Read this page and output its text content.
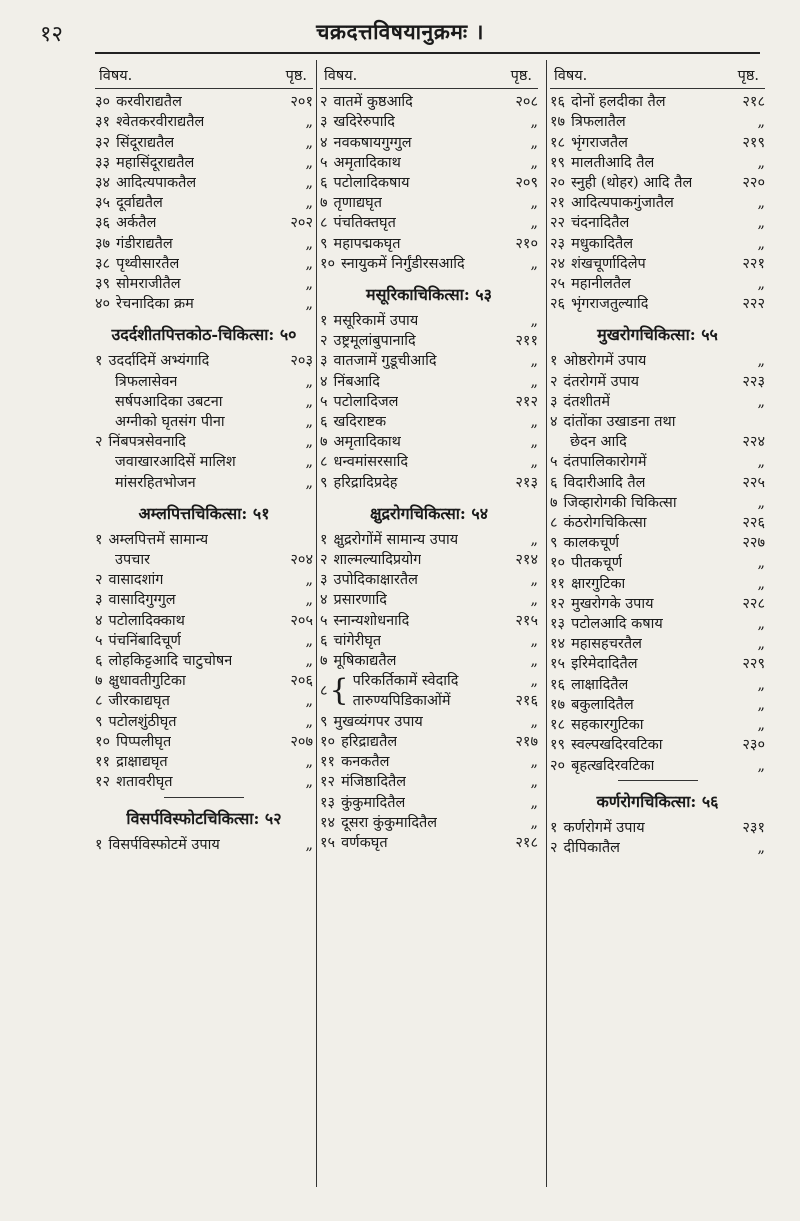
१२	चक्रदत्तविषयानुक्रमः ।
विषय.	पृष्ठ.
३० करवीराद्यतैल	२०१
३१ श्वेतकरवीराद्यतैल	„
३२ सिंदूराद्यतैल	„
३३ महासिंदूराद्यतैल	„
३४ आदित्यपाकतैल	„
३५ दूर्वाद्यतैल	„
३६ अर्कतैल	२०२
३७ गंडीराद्यतैल	„
३८ पृथ्वीसारतैल	„
३९ सोमराजीतैल	„
४० रेचनादिका क्रम	„
उदर्दशीतपित्तकोठ-चिकित्सा: ५०
१ उदर्दादिमें अभ्यंगादि	२०३
त्रिफलासेवन	„
सर्षपआदिका उबटना	„
अग्नीको घृतसंग पीना	„
२ निंबपत्रसेवनादि	„
जवाखारआदिसें मालिश	„
मांसरहितभोजन	„
अम्लपित्तचिकित्सा: ५१
१ अम्लपित्तमें सामान्य
उपचार	२०४
२ वासादशांग	„
३ वासादिगुग्गुल	„
४ पटोलादिक्काथ	२०५
५ पंचनिंबादिचूर्ण	„
६ लोहकिट्टआदि चाटुचोषन	„
७ क्षुधावतीगुटिका	२०६
८ जीरकाद्यघृत	„
९ पटोलशुंठीघृत	„
१० पिप्पलीघृत	२०७
११ द्राक्षाद्यघृत	„
१२ शतावरीघृत	„
विसर्पविस्फोटचिकित्सा: ५२
१ विसर्पविस्फोटमें उपाय	„
विषय.	पृष्ठ.
२ वातमें कुष्ठआदि	२०८
३ खदिरेरुपादि	„
४ नवकषायगुग्गुल	„
५ अमृतादिकाथ	„
६ पटोलादिकषाय	२०९
७ तृणाद्यघृत	„
८ पंचतिक्तघृत	„
९ महापद्मकघृत	२१०
१० स्नायुकमें निर्गुंडीरसआदि	„
मसूरिकाचिकित्सा: ५३
१ मसूरिकामें उपाय	„
२ उष्ट्रमूलांबुपानादि	२११
३ वातजामें गुडूचीआदि	„
४ निंबआदि	„
५ पटोलादिजल	२१२
६ खदिराष्टक	„
७ अमृतादिकाथ	„
८ धन्वमांसरसादि	„
९ हरिद्रादिप्रदेह	२१३
क्षुद्ररोगचिकित्सा: ५४
१ क्षुद्ररोगोंमें सामान्य उपाय	„
२ शाल्मल्यादिप्रयोग	२१४
३ उपोदिकाक्षारतैल	„
४ प्रसारणादि	„
५ स्नान्यशोधनादि	२१५
६ चांगेरीघृत	„
७ मूषिकाद्यतैल	„
८ { परिकर्तिकामें स्वेदादि	„
तारुण्यपिडिकाओंमें	२१६
९ मुखव्यंगपर उपाय	„
१० हरिद्राद्यतैल	२१७
११ कनकतैल	„
१२ मंजिष्ठादितैल	„
१३ कुंकुमादितैल	„
१४ दूसरा कुंकुमादितैल	„
१५ वर्णकघृत	२१८
विषय.	पृष्ठ.
१६ दोनों हलदीका तैल	२१८
१७ त्रिफलातैल	„
१८ भृंगराजतैल	२१९
१९ मालतीआदि तैल	„
२० स्नुही (थोहर) आदि तैल	२२०
२१ आदित्यपाकगुंजातैल	„
२२ चंदनादितैल	„
२३ मधुकादितैल	„
२४ शंखचूर्णादिलेप	२२१
२५ महानीलतैल	„
२६ भृंगराजतुल्यादि	२२२
मुखरोगचिकित्सा: ५५
१ ओष्ठरोगमें उपाय	„
२ दंतरोगमें उपाय	२२३
३ दंतशीतमें	„
४ दांतोंका उखाडना तथा
छेदन आदि	२२४
५ दंतपालिकारोगमें	„
६ विदारीआदि तैल	२२५
७ जिव्हारोगकी चिकित्सा	„
८ कंठरोगचिकित्सा	२२६
९ कालकचूर्ण	२२७
१० पीतकचूर्ण	„
११ क्षारगुटिका	„
१२ मुखरोगके उपाय	२२८
१३ पटोलआदि कषाय	„
१४ महासहचरतैल	„
१५ इरिमेदादितैल	२२९
१६ लाक्षादितैल	„
१७ बकुलादितैल	„
१८ सहकारगुटिका	„
१९ स्वल्पखदिरवटिका	२३०
२० बृहत्खदिरवटिका	„
कर्णरोगचिकित्सा: ५६
१ कर्णरोगमें उपाय	२३१
२ दीपिकातैल	„
